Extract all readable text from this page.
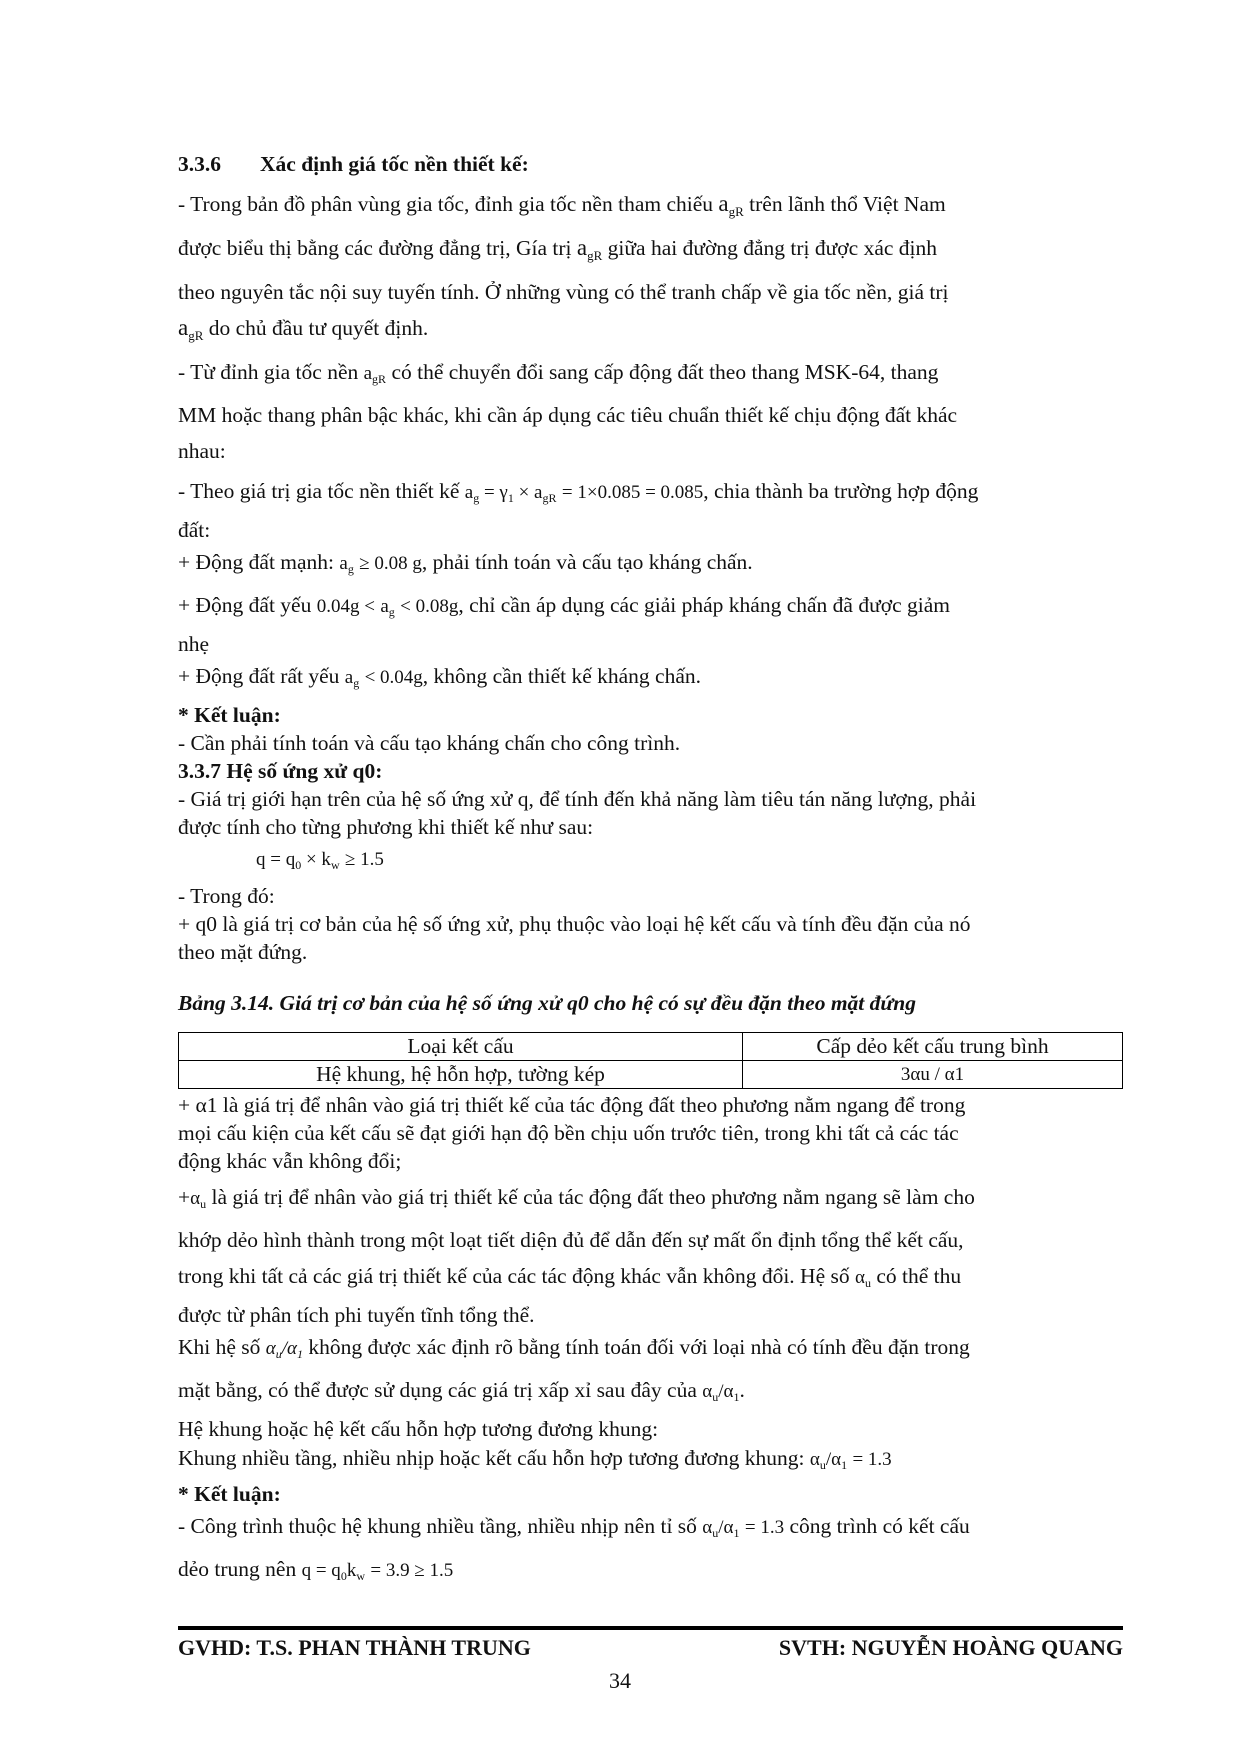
3.3.6 Xác định giá tốc nền thiết kế:

- Trong bản đồ phân vùng gia tốc, đỉnh gia tốc nền tham chiếu $a_{gR}$ trên lãnh thổ Việt Nam
được biểu thị bằng các đường đẳng trị, Gía trị $a_{gR}$ giữa hai đường đẳng trị được xác định
theo nguyên tắc nội suy tuyến tính. Ở những vùng có thể tranh chấp về gia tốc nền, giá trị
$a_{gR}$ do chủ đầu tư quyết định.

- Từ đỉnh gia tốc nền $a_{gR}$ có thể chuyển đổi sang cấp động đất theo thang MSK-64, thang
MM hoặc thang phân bậc khác, khi cần áp dụng các tiêu chuẩn thiết kế chịu động đất khác
nhau:

- Theo giá trị gia tốc nền thiết kế $a_g = \gamma_1 \times a_{gR} = 1\times 0.085 = 0.085$, chia thành ba trường hợp động

đất:

+ Động đất mạnh: $a_g \ge 0.08$ g, phải tính toán và cấu tạo kháng chấn.

+ Động đất yếu $0.04g < a_g < 0.08g$, chỉ cần áp dụng các giải pháp kháng chấn đã được giảm

nhẹ

+ Động đất rất yếu $a_g < 0.04g$, không cần thiết kế kháng chấn.

* Kết luận:

- Cần phải tính toán và cấu tạo kháng chấn cho công trình.

3.3.7 Hệ số ứng xử q0:

- Giá trị giới hạn trên của hệ số ứng xử q, để tính đến khả năng làm tiêu tán năng lượng, phải
được tính cho từng phương khi thiết kế như sau:

$q = q_0 \times k_w \ge 1.5$

- Trong đó:

+ q0 là giá trị cơ bản của hệ số ứng xử, phụ thuộc vào loại hệ kết cấu và tính đều đặn của nó
theo mặt đứng.

Bảng 3.14. Giá trị cơ bản của hệ số ứng xử q0 cho hệ có sự đều đặn theo mặt đứng

Loại kết cấu	Cấp dẻo kết cấu trung bình
Hệ khung, hệ hỗn hợp, tường kép	3αu / α1

+ α1 là giá trị để nhân vào giá trị thiết kế của tác động đất theo phương nằm ngang để trong
mọi cấu kiện của kết cấu sẽ đạt giới hạn độ bền chịu uốn trước tiên, trong khi tất cả các tác
động khác vẫn không đổi;

$+\alpha_u$ là giá trị để nhân vào giá trị thiết kế của tác động đất theo phương nằm ngang sẽ làm cho
khớp dẻo hình thành trong một loạt tiết diện đủ để dẫn đến sự mất ổn định tổng thể kết cấu,
trong khi tất cả các giá trị thiết kế của các tác động khác vẫn không đổi. Hệ số $\alpha_u$ có thể thu

được từ phân tích phi tuyến tĩnh tổng thể.

Khi hệ số $\alpha_u/\alpha_1$ không được xác định rõ bằng tính toán đối với loại nhà có tính đều đặn trong
mặt bằng, có thể được sử dụng các giá trị xấp xỉ sau đây của $\alpha_u/\alpha_1$.

Hệ khung hoặc hệ kết cấu hỗn hợp tương đương khung:

Khung nhiều tầng, nhiều nhịp hoặc kết cấu hỗn hợp tương đương khung: $\alpha_u/\alpha_1 = 1.3$

* Kết luận:

- Công trình thuộc hệ khung nhiều tầng, nhiều nhịp nên tỉ số $\alpha_u/\alpha_1 = 1.3$ công trình có kết cấu
dẻo trung nên $q = q_0k_w = 3.9 \ge 1.5$

GVHD: T.S. PHAN THÀNH TRUNG	SVTH: NGUYỄN HOÀNG QUANG
34
